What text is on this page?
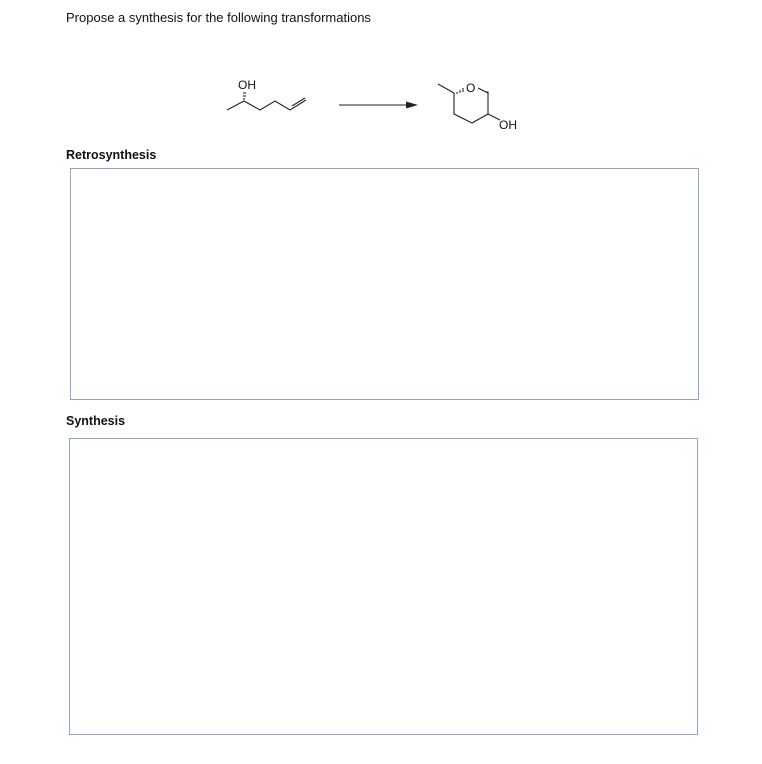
Propose a synthesis for the following transformations
OH	O
OH
Retrosynthesis
Synthesis
